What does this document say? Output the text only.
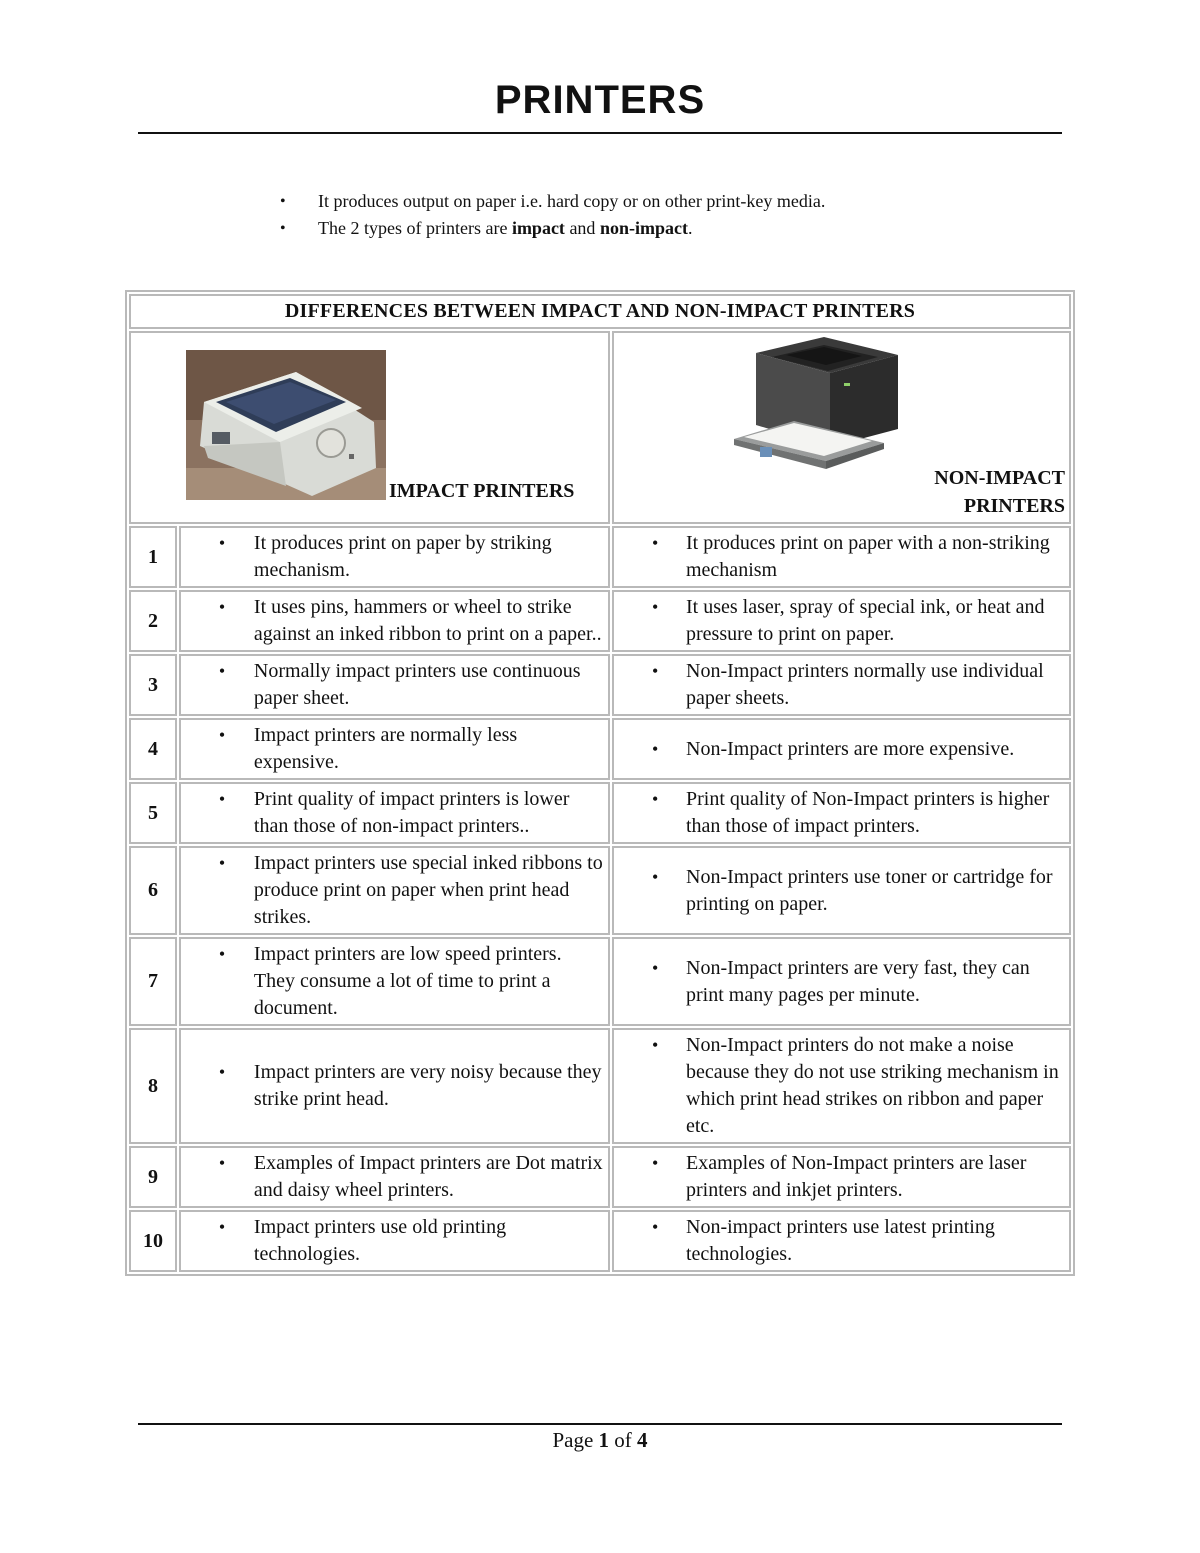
PRINTERS
• It produces output on paper i.e. hard copy or on other print-key media.
• The 2 types of printers are impact and non-impact.
DIFFERENCES BETWEEN IMPACT AND NON-IMPACT PRINTERS		

IMPACT PRINTERS		NON-IMPACT
PRINTERS

1	• It produces print on paper by striking mechanism.	• It produces print on paper with a non-striking mechanism

2	• It uses pins, hammers or wheel to strike against an inked ribbon to print on a paper..	• It uses laser, spray of special ink, or heat and pressure to print on paper.

3	• Normally impact printers use continuous paper sheet.	• Non-Impact printers normally use individual paper sheets.

4	• Impact printers are normally less expensive.	• Non-Impact printers are more expensive.

5	• Print quality of impact printers is lower than those of non-impact printers..	• Print quality of Non-Impact printers is higher than those of impact printers.

6	• Impact printers use special inked ribbons to produce print on paper when print head strikes.	• Non-Impact printers use toner or cartridge for printing on paper.

7	• Impact printers are low speed printers. They consume a lot of time to print a document.	• Non-Impact printers are very fast, they can print many pages per minute.

8	• Impact printers are very noisy because they strike print head.	• Non-Impact printers do not make a noise because they do not use striking mechanism in which print head strikes on ribbon and paper etc.

9	• Examples of Impact printers are Dot matrix and daisy wheel printers.	• Examples of Non-Impact printers are laser printers and inkjet printers.

10	• Impact printers use old printing technologies.	• Non-impact printers use latest printing technologies.
Page 1 of 4
